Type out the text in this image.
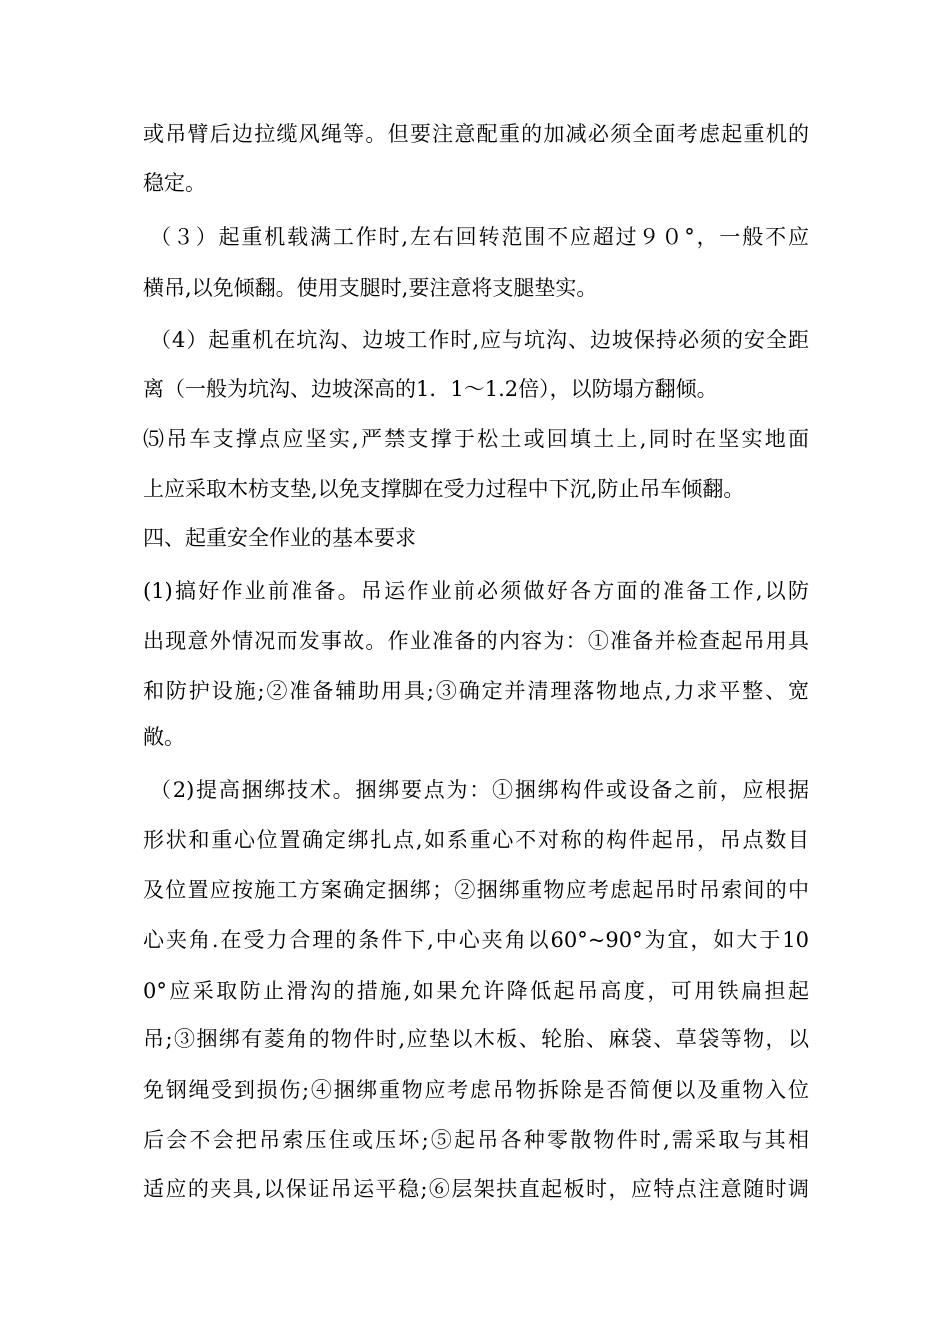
或吊臂后边拉缆风绳等。但要注意配重的加减必须全面考虑起重机的
稳定。
（３）起重机载满工作时,左右回转范围不应超过９０°，一般不应
横吊,以免倾翻。使用支腿时,要注意将支腿垫实。
（4）起重机在坑沟、边坡工作时,应与坑沟、边坡保持必须的安全距
离（一般为坑沟、边坡深高的1．1～1.2倍），以防塌方翻倾。
⑸吊车支撑点应坚实,严禁支撑于松土或回填土上,同时在坚实地面
上应采取木枋支垫,以免支撑脚在受力过程中下沉,防止吊车倾翻。
四、起重安全作业的基本要求
(1)搞好作业前准备。吊运作业前必须做好各方面的准备工作,以防
出现意外情况而发事故。作业准备的内容为：①准备并检查起吊用具
和防护设施;②准备辅助用具;③确定并清理落物地点,力求平整、宽
敞。
（2)提高捆绑技术。捆绑要点为：①捆绑构件或设备之前，应根据
形状和重心位置确定绑扎点,如系重心不对称的构件起吊，吊点数目
及位置应按施工方案确定捆绑；②捆绑重物应考虑起吊时吊索间的中
心夹角.在受力合理的条件下,中心夹角以60°~90°为宜，如大于10
0°应采取防止滑沟的措施,如果允许降低起吊高度，可用铁扁担起
吊;③捆绑有菱角的物件时,应垫以木板、轮胎、麻袋、草袋等物，以
免钢绳受到损伤;④捆绑重物应考虑吊物拆除是否简便以及重物入位
后会不会把吊索压住或压坏;⑤起吊各种零散物件时,需采取与其相
适应的夹具,以保证吊运平稳;⑥层架扶直起板时，应特点注意随时调
